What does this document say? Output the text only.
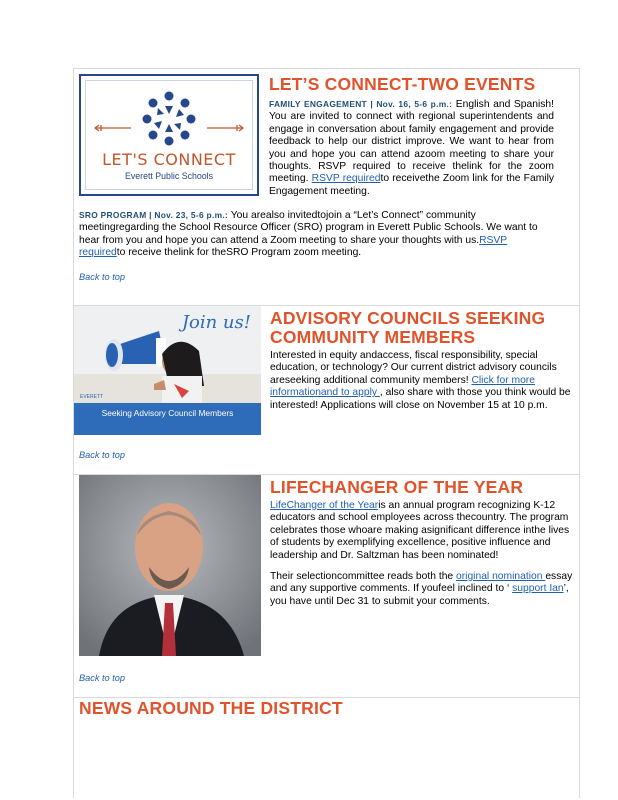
LET'S CONNECT
Everett Public Schools
LET’S CONNECT-TWO EVENTS
FAMILY ENGAGEMENT | Nov. 16, 5-6 p.m.: English and Spanish! You are invited to connect with regional superintendents and engage in conversation about family engagement and provide feedback to help our district improve. We want to hear from you and hope you can attend azoom meeting to share your thoughts. RSVP required to receive thelink for the zoom meeting. RSVP requiredto receivethe Zoom link for the Family Engagement meeting.
SRO PROGRAM | Nov. 23, 5-6 p.m.: You arealso invitedtojoin a “Let’s Connect” community meetingregarding the School Resource Officer (SRO) program in Everett Public Schools. We want to hear from you and hope you can attend a Zoom meeting to share your thoughts with us.RSVP requiredto receive thelink for theSRO Program zoom meeting.
Back to top
EVERETT
Join us!
Seeking Advisory Council Members
ADVISORY COUNCILS SEEKING COMMUNITY MEMBERS
Interested in equity andaccess, fiscal responsibility, special education, or technology? Our current district advisory councils areseeking additional community members! Click for more informationand to apply , also share with those you think would be interested! Applications will close on November 15 at 10 p.m.
Back to top
LIFECHANGER OF THE YEAR
LifeChanger of the Yearis an annual program recognizing K-12 educators and school employees across thecountry. The program celebrates those whoare making asignificant difference inthe lives of students by exemplifying excellence, positive influence and leadership and Dr. Saltzman has been nominated!
Their selectioncommittee reads both the original nomination essay and any supportive comments. If youfeel inclined to ‘ support Ian’, you have until Dec 31 to submit your comments.
Back to top
NEWS AROUND THE DISTRICT
